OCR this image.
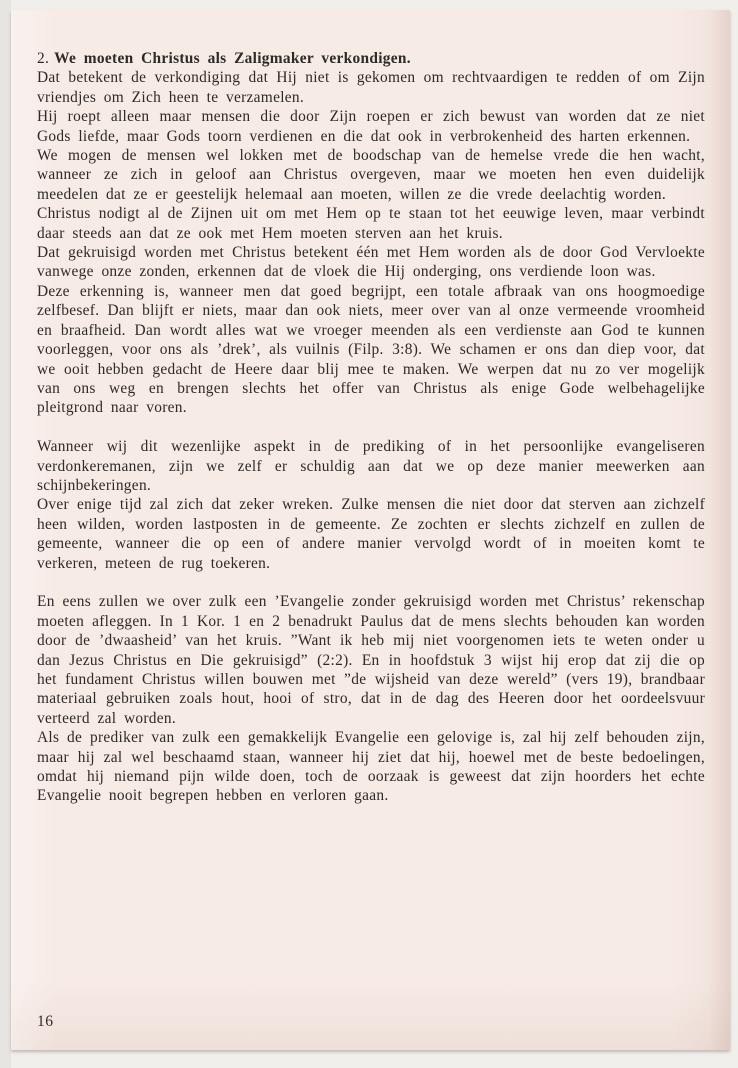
2. We moeten Christus als Zaligmaker verkondigen.

Dat betekent de verkondiging dat Hij niet is gekomen om rechtvaardigen te redden of om Zijn vriendjes om Zich heen te verzamelen.

Hij roept alleen maar mensen die door Zijn roepen er zich bewust van worden dat ze niet Gods liefde, maar Gods toorn verdienen en die dat ook in verbrokenheid des harten erkennen.

We mogen de mensen wel lokken met de boodschap van de hemelse vrede die hen wacht, wanneer ze zich in geloof aan Christus overgeven, maar we moeten hen even duidelijk meedelen dat ze er geestelijk helemaal aan moeten, willen ze die vrede deelachtig worden.

Christus nodigt al de Zijnen uit om met Hem op te staan tot het eeuwige leven, maar verbindt daar steeds aan dat ze ook met Hem moeten sterven aan het kruis.

Dat gekruisigd worden met Christus betekent één met Hem worden als de door God Vervloekte vanwege onze zonden, erkennen dat de vloek die Hij onderging, ons verdiende loon was.

Deze erkenning is, wanneer men dat goed begrijpt, een totale afbraak van ons hoogmoedige zelfbesef. Dan blijft er niets, maar dan ook niets, meer over van al onze vermeende vroomheid en braafheid. Dan wordt alles wat we vroeger meenden als een verdienste aan God te kunnen voorleggen, voor ons als ’drek’, als vuilnis (Filp. 3:8). We schamen er ons dan diep voor, dat we ooit hebben gedacht de Heere daar blij mee te maken. We werpen dat nu zo ver mogelijk van ons weg en brengen slechts het offer van Christus als enige Gode welbehagelijke pleitgrond naar voren.

Wanneer wij dit wezenlijke aspekt in de prediking of in het persoonlijke evangeliseren verdonkeremanen, zijn we zelf er schuldig aan dat we op deze manier meewerken aan schijnbekeringen.

Over enige tijd zal zich dat zeker wreken. Zulke mensen die niet door dat sterven aan zichzelf heen wilden, worden lastposten in de gemeente. Ze zochten er slechts zichzelf en zullen de gemeente, wanneer die op een of andere manier vervolgd wordt of in moeiten komt te verkeren, meteen de rug toekeren.

En eens zullen we over zulk een ’Evangelie zonder gekruisigd worden met Christus’ rekenschap moeten afleggen. In 1 Kor. 1 en 2 benadrukt Paulus dat de mens slechts behouden kan worden door de ’dwaasheid’ van het kruis. ”Want ik heb mij niet voorgenomen iets te weten onder u dan Jezus Christus en Die gekruisigd” (2:2). En in hoofdstuk 3 wijst hij erop dat zij die op het fundament Christus willen bouwen met ”de wijsheid van deze wereld” (vers 19), brandbaar materiaal gebruiken zoals hout, hooi of stro, dat in de dag des Heeren door het oordeelsvuur verteerd zal worden.

Als de prediker van zulk een gemakkelijk Evangelie een gelovige is, zal hij zelf behouden zijn, maar hij zal wel beschaamd staan, wanneer hij ziet dat hij, hoewel met de beste bedoelingen, omdat hij niemand pijn wilde doen, toch de oorzaak is geweest dat zijn hoorders het echte Evangelie nooit begrepen hebben en verloren gaan.

16
